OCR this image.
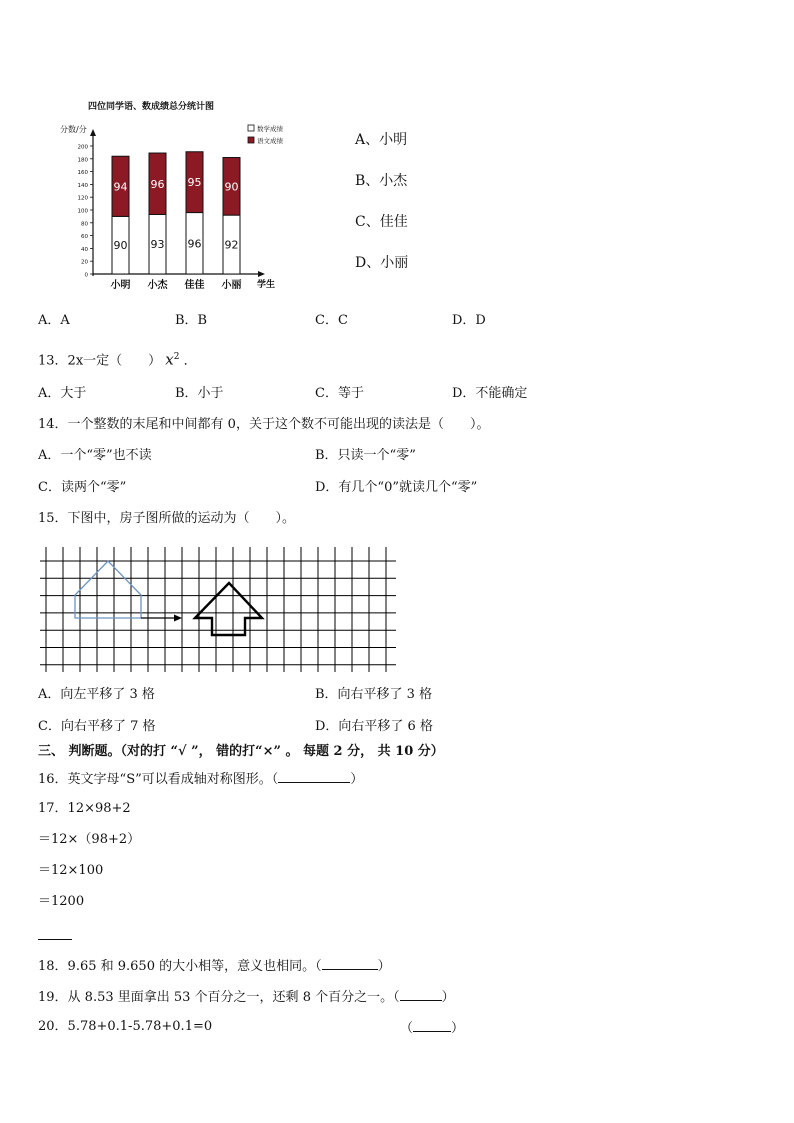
四位同学语、数成绩总分统计图
分数/分
学生
0
20
40
60
80
100
120
140
160
180
200
数学成绩
语文成绩
90
94
小明
93
96
小杰
96
95
佳佳
92
90
小丽
A、小明
B、小杰
C、佳佳
D、小丽
A．A	B．B	C．C	D．D
13．2x一定（　　） $x^2$ ．
A．大于	B．小于	C．等于	D．不能确定
14．一个整数的末尾和中间都有 0，关于这个数不可能出现的读法是（　　）。
A．一个“零”也不读	B．只读一个“零”
C．读两个“零”	D．有几个“0”就读几个“零”
15．下图中，房子图所做的运动为（　　）。
A．向左平移了 3 格	B．向右平移了 3 格
C．向右平移了 7 格	D．向右平移了 6 格
三、 判断题。（对的打 “√ ”， 错的打“×” 。 每题 2 分， 共 10 分）
16．英文字母“S”可以看成轴对称图形。（	）
17．12×98+2
＝12×（98+2）
＝12×100
＝1200
18．9.65 和 9.650 的大小相等，意义也相同。（	）
19．从 8.53 里面拿出 53 个百分之一，还剩 8 个百分之一。（	）
20．5.78+0.1-5.78+0.1=0	（	）
